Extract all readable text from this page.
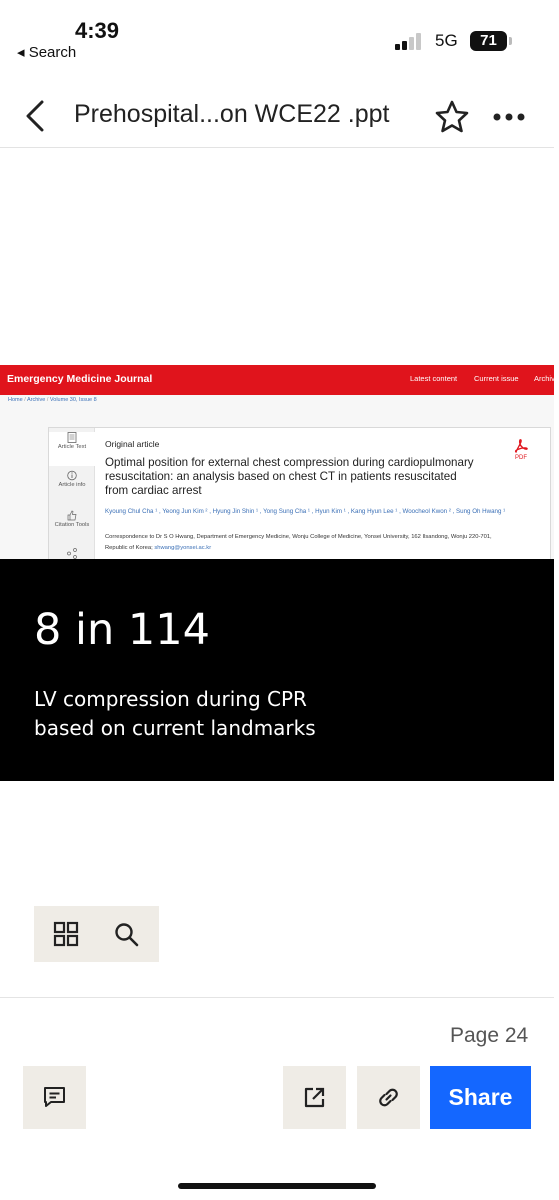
4:39
◂ Search
5G	71
Prehospital...on WCE22 .ppt
Emergency Medicine Journal	Latest content Current issue Archive
Home / Archive / Volume 30, Issue 8
Article Text
Article info
Citation Tools
Original article
Optimal position for external chest compression during cardiopulmonary resuscitation: an analysis based on chest CT in patients resuscitated from cardiac arrest
Kyoung Chul Cha ¹ , Yeong Jun Kim ² , Hyung Jin Shin ¹ , Yong Sung Cha ¹ , Hyun Kim ¹ , Kang Hyun Lee ¹ , Woocheol Kwon ² , Sung Oh Hwang ¹
Correspondence to Dr S O Hwang, Department of Emergency Medicine, Wonju College of Medicine, Yonsei University, 162 Ilsandong, Wonju 220-701, Republic of Korea; shwang@yonsei.ac.kr
PDF
8 in 114
LV compression during CPR
based on current landmarks
Page 24
Share
